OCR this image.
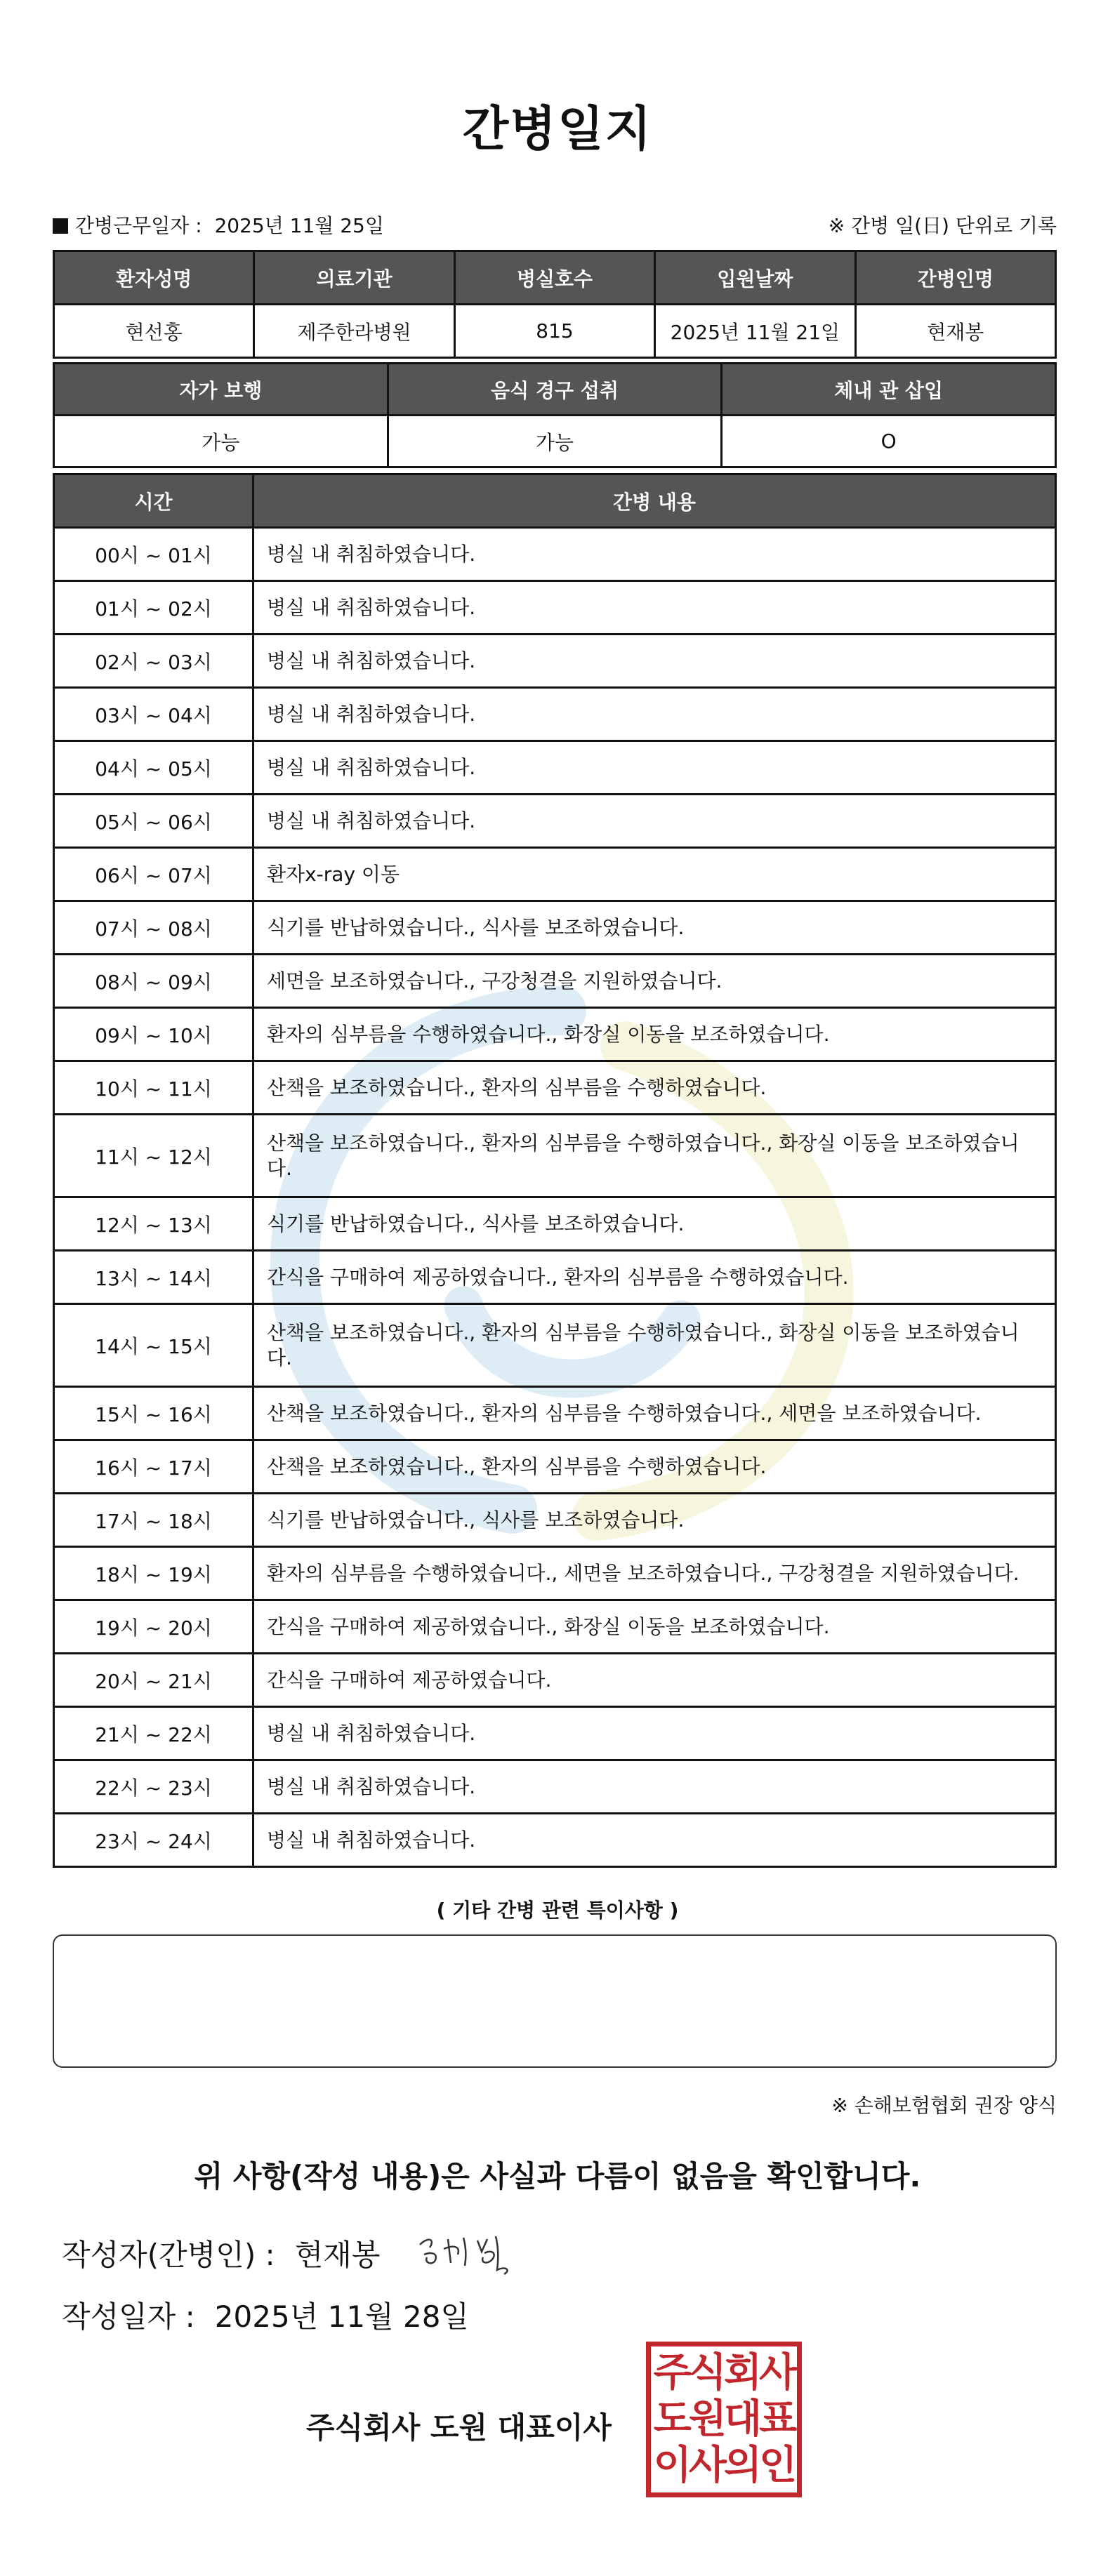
간병일지
간병근무일자 : 2025년 11월 25일	※ 간병 일(日) 단위로 기록
환자성명	의료기관	병실호수	입원날짜	간병인명
현선홍	제주한라병원	815	2025년 11월 21일	현재봉
자가 보행	음식 경구 섭취	체내 관 삽입
가능	가능	O
시간	간병 내용
00시 ~ 01시	병실 내 취침하였습니다.
01시 ~ 02시	병실 내 취침하였습니다.
02시 ~ 03시	병실 내 취침하였습니다.
03시 ~ 04시	병실 내 취침하였습니다.
04시 ~ 05시	병실 내 취침하였습니다.
05시 ~ 06시	병실 내 취침하였습니다.
06시 ~ 07시	환자x-ray 이동
07시 ~ 08시	식기를 반납하였습니다., 식사를 보조하였습니다.
08시 ~ 09시	세면을 보조하였습니다., 구강청결을 지원하였습니다.
09시 ~ 10시	환자의 심부름을 수행하였습니다., 화장실 이동을 보조하였습니다.
10시 ~ 11시	산책을 보조하였습니다., 환자의 심부름을 수행하였습니다.
11시 ~ 12시	산책을 보조하였습니다., 환자의 심부름을 수행하였습니다., 화장실 이동을 보조하였습니다.
12시 ~ 13시	식기를 반납하였습니다., 식사를 보조하였습니다.
13시 ~ 14시	간식을 구매하여 제공하였습니다., 환자의 심부름을 수행하였습니다.
14시 ~ 15시	산책을 보조하였습니다., 환자의 심부름을 수행하였습니다., 화장실 이동을 보조하였습니다.
15시 ~ 16시	산책을 보조하였습니다., 환자의 심부름을 수행하였습니다., 세면을 보조하였습니다.
16시 ~ 17시	산책을 보조하였습니다., 환자의 심부름을 수행하였습니다.
17시 ~ 18시	식기를 반납하였습니다., 식사를 보조하였습니다.
18시 ~ 19시	환자의 심부름을 수행하였습니다., 세면을 보조하였습니다., 구강청결을 지원하였습니다.
19시 ~ 20시	간식을 구매하여 제공하였습니다., 화장실 이동을 보조하였습니다.
20시 ~ 21시	간식을 구매하여 제공하였습니다.
21시 ~ 22시	병실 내 취침하였습니다.
22시 ~ 23시	병실 내 취침하였습니다.
23시 ~ 24시	병실 내 취침하였습니다.
( 기타 간병 관련 특이사항 )
※ 손해보험협회 권장 양식
위 사항(작성 내용)은 사실과 다름이 없음을 확인합니다.
작성자(간병인) : 현재봉
작성일자 : 2025년 11월 28일
주식회사 도원 대표이사
주식회사
도원대표
이사의인
